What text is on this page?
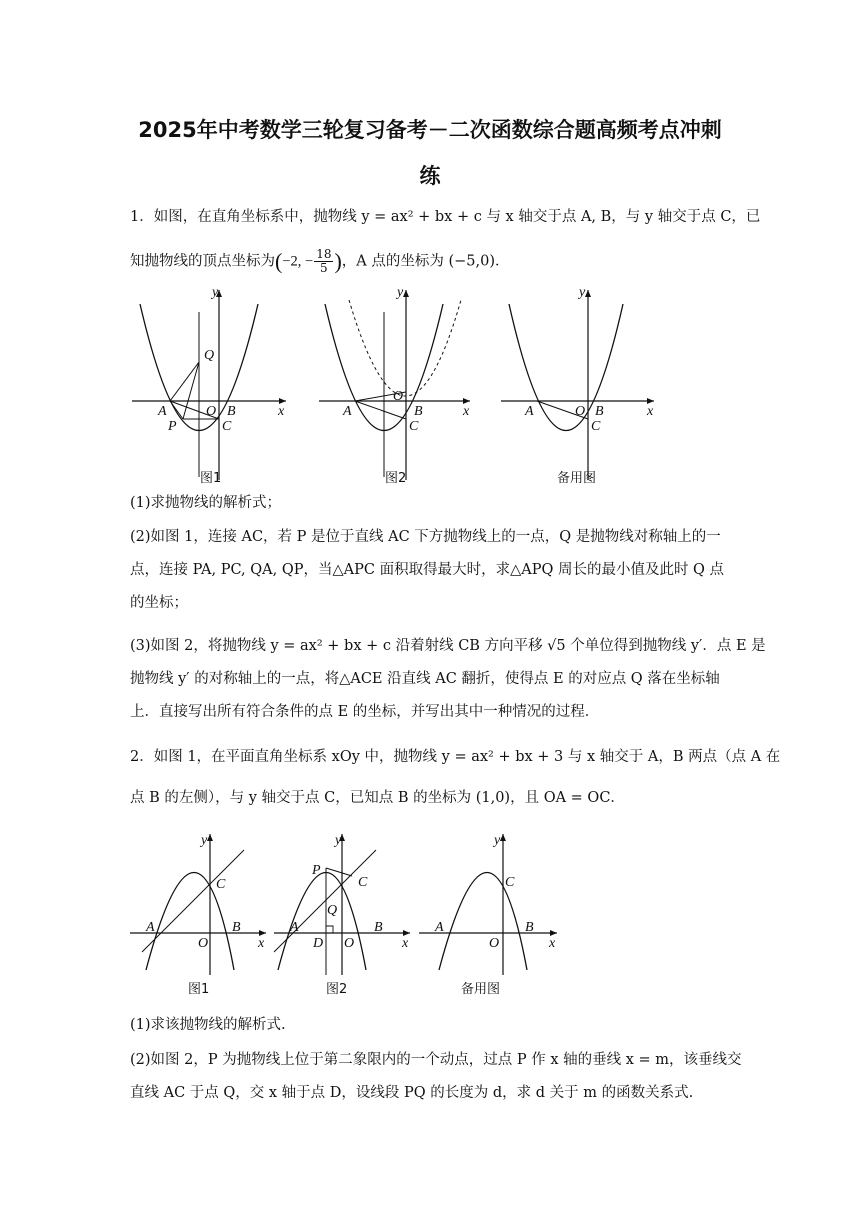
2025年中考数学三轮复习备考－二次函数综合题高频考点冲刺
练
1．如图，在直角坐标系中，抛物线 y = ax² + bx + c 与 x 轴交于点 A, B，与 y 轴交于点 C，已
知抛物线的顶点坐标为(−2, − $\frac{18}{5}$ )，A 点的坐标为 (−5,0)．
y
x
Q
A	O B
P	C
图1
y
x
O
A	B
C
图2
y
x
A	O B
C
备用图
(1)求抛物线的解析式；
(2)如图 1，连接 AC，若 P 是位于直线 AC 下方抛物线上的一点，Q 是抛物线对称轴上的一
点，连接 PA, PC, QA, QP，当△APC 面积取得最大时，求△APQ 周长的最小值及此时 Q 点
的坐标；
(3)如图 2，将抛物线 y = ax² + bx + c 沿着射线 CB 方向平移 √5 个单位得到抛物线 y′．点 E 是
抛物线 y′ 的对称轴上的一点，将△ACE 沿直线 AC 翻折，使得点 E 的对应点 Q 落在坐标轴
上．直接写出所有符合条件的点 E 的坐标，并写出其中一种情况的过程．
2．如图 1，在平面直角坐标系 xOy 中，抛物线 y = ax² + bx + 3 与 x 轴交于 A，B 两点（点 A 在
点 B 的左侧），与 y 轴交于点 C，已知点 B 的坐标为 (1,0)，且 OA = OC．
y
x
A
C
O
B
图1
y
x
P
C
Q
A
D O
B
图2
y
x
C
A
O
B
备用图
(1)求该抛物线的解析式.
(2)如图 2，P 为抛物线上位于第二象限内的一个动点，过点 P 作 x 轴的垂线 x = m，该垂线交
直线 AC 于点 Q，交 x 轴于点 D，设线段 PQ 的长度为 d，求 d 关于 m 的函数关系式.
